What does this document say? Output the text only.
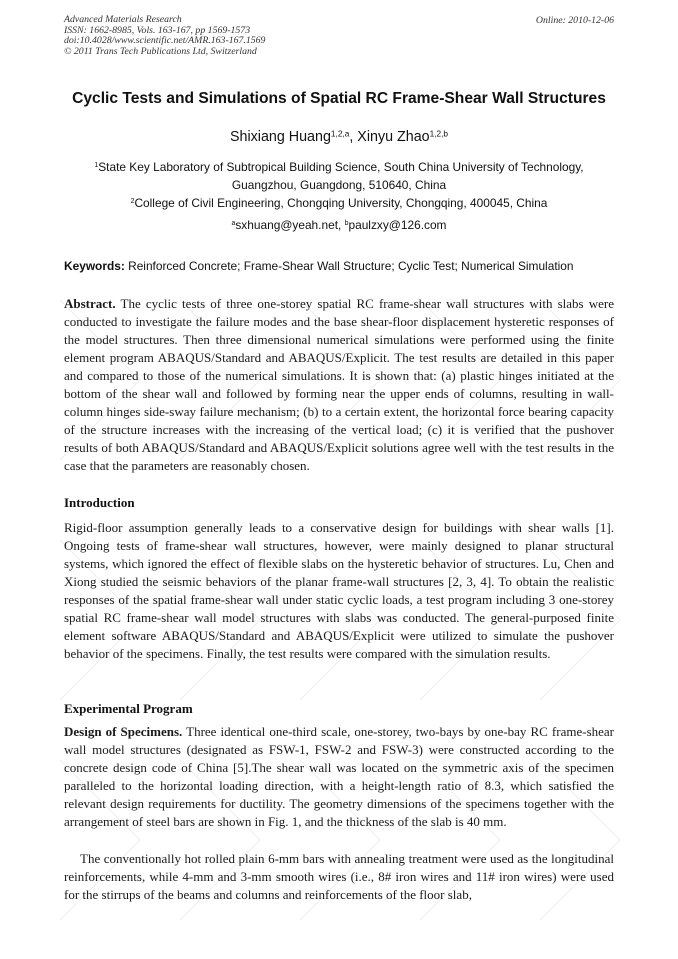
Advanced Materials Research
ISSN: 1662-8985, Vols. 163-167, pp 1569-1573
doi:10.4028/www.scientific.net/AMR.163-167.1569
© 2011 Trans Tech Publications Ltd, Switzerland
Online: 2010-12-06
Cyclic Tests and Simulations of Spatial RC Frame-Shear Wall Structures
Shixiang Huang$^{1,2,a}$, Xinyu Zhao$^{1,2,b}$
$^1$State Key Laboratory of Subtropical Building Science, South China University of Technology,
Guangzhou, Guangdong, 510640, China
$^2$College of Civil Engineering, Chongqing University, Chongqing, 400045, China
$^a$sxhuang@yeah.net, $^b$paulzxy@126.com
Keywords: Reinforced Concrete; Frame-Shear Wall Structure; Cyclic Test; Numerical Simulation
Abstract. The cyclic tests of three one-storey spatial RC frame-shear wall structures with slabs were conducted to investigate the failure modes and the base shear-floor displacement hysteretic responses of the model structures. Then three dimensional numerical simulations were performed using the finite element program ABAQUS/Standard and ABAQUS/Explicit. The test results are detailed in this paper and compared to those of the numerical simulations. It is shown that: (a) plastic hinges initiated at the bottom of the shear wall and followed by forming near the upper ends of columns, resulting in wall-column hinges side-sway failure mechanism; (b) to a certain extent, the horizontal force bearing capacity of the structure increases with the increasing of the vertical load; (c) it is verified that the pushover results of both ABAQUS/Standard and ABAQUS/Explicit solutions agree well with the test results in the case that the parameters are reasonably chosen.
Introduction
Rigid-floor assumption generally leads to a conservative design for buildings with shear walls [1]. Ongoing tests of frame-shear wall structures, however, were mainly designed to planar structural systems, which ignored the effect of flexible slabs on the hysteretic behavior of structures. Lu, Chen and Xiong studied the seismic behaviors of the planar frame-wall structures [2, 3, 4]. To obtain the realistic responses of the spatial frame-shear wall under static cyclic loads, a test program including 3 one-storey spatial RC frame-shear wall model structures with slabs was conducted. The general-purposed finite element software ABAQUS/Standard and ABAQUS/Explicit were utilized to simulate the pushover behavior of the specimens. Finally, the test results were compared with the simulation results.
Experimental Program
Design of Specimens. Three identical one-third scale, one-storey, two-bays by one-bay RC frame-shear wall model structures (designated as FSW-1, FSW-2 and FSW-3) were constructed according to the concrete design code of China [5].The shear wall was located on the symmetric axis of the specimen paralleled to the horizontal loading direction, with a height-length ratio of 8.3, which satisfied the relevant design requirements for ductility. The geometry dimensions of the specimens together with the arrangement of steel bars are shown in Fig. 1, and the thickness of the slab is 40 mm.
The conventionally hot rolled plain 6-mm bars with annealing treatment were used as the longitudinal reinforcements, while 4-mm and 3-mm smooth wires (i.e., 8# iron wires and 11# iron wires) were used for the stirrups of the beams and columns and reinforcements of the floor slab,
